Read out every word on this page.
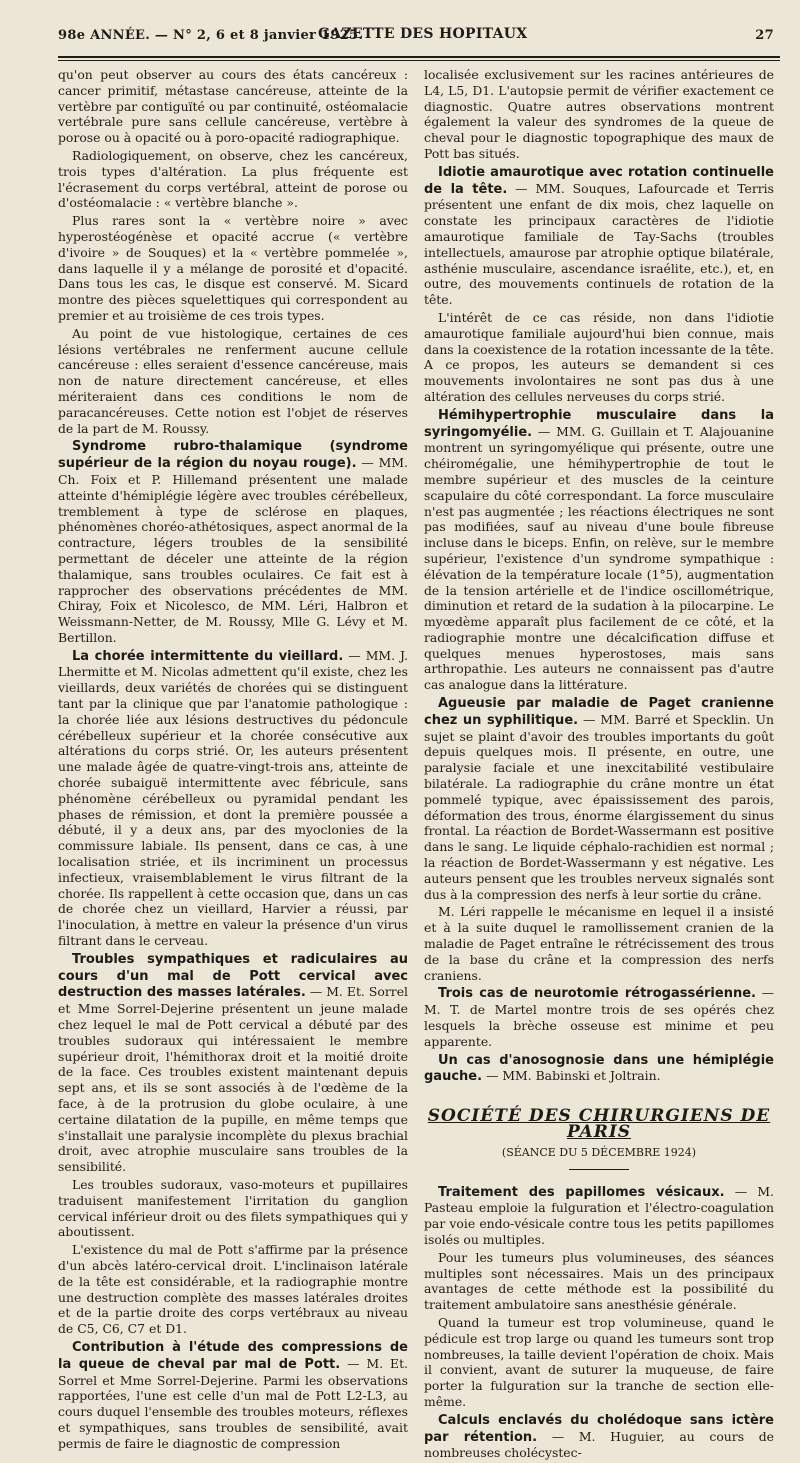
98e ANNÉE. — N° 2, 6 et 8 janvier 1925.
GAZETTE DES HOPITAUX	27

qu'on peut observer au cours des états cancéreux : cancer primitif, métastase cancéreuse, atteinte de la vertèbre par contiguïté ou par continuité, ostéomalacie vertébrale pure sans cellule cancéreuse, vertèbre à porose ou à opacité ou à poro-opacité radiographique.

Radiologiquement, on observe, chez les cancéreux, trois types d'altération. La plus fréquente est l'écrasement du corps vertébral, atteint de porose ou d'ostéomalacie : « vertèbre blanche ».

Plus rares sont la « vertèbre noire » avec hyperostéogénèse et opacité accrue (« vertèbre d'ivoire » de Souques) et la « vertèbre pommelée », dans laquelle il y a mélange de porosité et d'opacité. Dans tous les cas, le disque est conservé. M. Sicard montre des pièces squelettiques qui correspondent au premier et au troisième de ces trois types.

Au point de vue histologique, certaines de ces lésions vertébrales ne renferment aucune cellule cancéreuse : elles seraient d'essence cancéreuse, mais non de nature directement cancéreuse, et elles mériteraient dans ces conditions le nom de paracancéreuses. Cette notion est l'objet de réserves de la part de M. Roussy.

Syndrome rubro-thalamique (syndrome supérieur de la région du noyau rouge). — MM. Ch. Foix et P. Hillemand présentent une malade atteinte d'hémiplégie légère avec troubles cérébelleux, tremblement à type de sclérose en plaques, phénomènes choréo-athétosiques, aspect anormal de la contracture, légers troubles de la sensibilité permettant de déceler une atteinte de la région thalamique, sans troubles oculaires. Ce fait est à rapprocher des observations précédentes de MM. Chiray, Foix et Nicolesco, de MM. Léri, Halbron et Weissmann-Netter, de M. Roussy, Mlle G. Lévy et M. Bertillon.

La chorée intermittente du vieillard. — MM. J. Lhermitte et M. Nicolas admettent qu'il existe, chez les vieillards, deux variétés de chorées qui se distinguent tant par la clinique que par l'anatomie pathologique : la chorée liée aux lésions destructives du pédoncule cérébelleux supérieur et la chorée consécutive aux altérations du corps strié. Or, les auteurs présentent une malade âgée de quatre-vingt-trois ans, atteinte de chorée subaiguë intermittente avec fébricule, sans phénomène cérébelleux ou pyramidal pendant les phases de rémission, et dont la première poussée a débuté, il y a deux ans, par des myoclonies de la commissure labiale. Ils pensent, dans ce cas, à une localisation striée, et ils incriminent un processus infectieux, vraisemblablement le virus filtrant de la chorée. Ils rappellent à cette occasion que, dans un cas de chorée chez un vieillard, Harvier a réussi, par l'inoculation, à mettre en valeur la présence d'un virus filtrant dans le cerveau.

Troubles sympathiques et radiculaires au cours d'un mal de Pott cervical avec destruction des masses latérales. — M. Et. Sorrel et Mme Sorrel-Dejerine présentent un jeune malade chez lequel le mal de Pott cervical a débuté par des troubles sudoraux qui intéressaient le membre supérieur droit, l'hémithorax droit et la moitié droite de la face. Ces troubles existent maintenant depuis sept ans, et ils se sont associés à de l'œdème de la face, à de la protrusion du globe oculaire, à une certaine dilatation de la pupille, en même temps que s'installait une paralysie incomplète du plexus brachial droit, avec atrophie musculaire sans troubles de la sensibilité.

Les troubles sudoraux, vaso-moteurs et pupillaires traduisent manifestement l'irritation du ganglion cervical inférieur droit ou des filets sympathiques qui y aboutissent.

L'existence du mal de Pott s'affirme par la présence d'un abcès latéro-cervical droit. L'inclinaison latérale de la tête est considérable, et la radiographie montre une destruction complète des masses latérales droites et de la partie droite des corps vertébraux au niveau de C5, C6, C7 et D1.

Contribution à l'étude des compressions de la queue de cheval par mal de Pott. — M. Et. Sorrel et Mme Sorrel-Dejerine. Parmi les observations rapportées, l'une est celle d'un mal de Pott L2-L3, au cours duquel l'ensemble des troubles moteurs, réflexes et sympathiques, sans troubles de sensibilité, avait permis de faire le diagnostic de compression

localisée exclusivement sur les racines antérieures de L4, L5, D1. L'autopsie permit de vérifier exactement ce diagnostic. Quatre autres observations montrent également la valeur des syndromes de la queue de cheval pour le diagnostic topographique des maux de Pott bas situés.

Idiotie amaurotique avec rotation continuelle de la tête. — MM. Souques, Lafourcade et Terris présentent une enfant de dix mois, chez laquelle on constate les principaux caractères de l'idiotie amaurotique familiale de Tay-Sachs (troubles intellectuels, amaurose par atrophie optique bilatérale, asthénie musculaire, ascendance israélite, etc.), et, en outre, des mouvements continuels de rotation de la tête.

L'intérêt de ce cas réside, non dans l'idiotie amaurotique familiale aujourd'hui bien connue, mais dans la coexistence de la rotation incessante de la tête. A ce propos, les auteurs se demandent si ces mouvements involontaires ne sont pas dus à une altération des cellules nerveuses du corps strié.

Hémihypertrophie musculaire dans la syringomyélie. — MM. G. Guillain et T. Alajouanine montrent un syringomyélique qui présente, outre une chéiromégalie, une hémihypertrophie de tout le membre supérieur et des muscles de la ceinture scapulaire du côté correspondant. La force musculaire n'est pas augmentée ; les réactions électriques ne sont pas modifiées, sauf au niveau d'une boule fibreuse incluse dans le biceps. Enfin, on relève, sur le membre supérieur, l'existence d'un syndrome sympathique : élévation de la température locale (1°5), augmentation de la tension artérielle et de l'indice oscillométrique, diminution et retard de la sudation à la pilocarpine. Le myœdème apparaît plus facilement de ce côté, et la radiographie montre une décalcification diffuse et quelques menues hyperostoses, mais sans arthropathie. Les auteurs ne connaissent pas d'autre cas analogue dans la littérature.

Agueusie par maladie de Paget cranienne chez un syphilitique. — MM. Barré et Specklin. Un sujet se plaint d'avoir des troubles importants du goût depuis quelques mois. Il présente, en outre, une paralysie faciale et une inexcitabilité vestibulaire bilatérale. La radiographie du crâne montre un état pommelé typique, avec épaississement des parois, déformation des trous, énorme élargissement du sinus frontal. La réaction de Bordet-Wassermann est positive dans le sang. Le liquide céphalo-rachidien est normal ; la réaction de Bordet-Wassermann y est négative. Les auteurs pensent que les troubles nerveux signalés sont dus à la compression des nerfs à leur sortie du crâne.

M. Léri rappelle le mécanisme en lequel il a insisté et à la suite duquel le ramollissement cranien de la maladie de Paget entraîne le rétrécissement des trous de la base du crâne et la compression des nerfs craniens.

Trois cas de neurotomie rétrogassérienne. — M. T. de Martel montre trois de ses opérés chez lesquels la brèche osseuse est minime et peu apparente.

Un cas d'anosognosie dans une hémiplégie gauche. — MM. Babinski et Joltrain.

SOCIÉTÉ DES CHIRURGIENS DE PARIS
(SÉANCE DU 5 DÉCEMBRE 1924)

Traitement des papillomes vésicaux. — M. Pasteau emploie la fulguration et l'électro-coagulation par voie endo-vésicale contre tous les petits papillomes isolés ou multiples.

Pour les tumeurs plus volumineuses, des séances multiples sont nécessaires. Mais un des principaux avantages de cette méthode est la possibilité du traitement ambulatoire sans anesthésie générale.

Quand la tumeur est trop volumineuse, quand le pédicule est trop large ou quand les tumeurs sont trop nombreuses, la taille devient l'opération de choix. Mais il convient, avant de suturer la muqueuse, de faire porter la fulguration sur la tranche de section elle-même.

Calculs enclavés du cholédoque sans ictère par rétention. — M. Huguier, au cours de nombreuses cholécystec-
